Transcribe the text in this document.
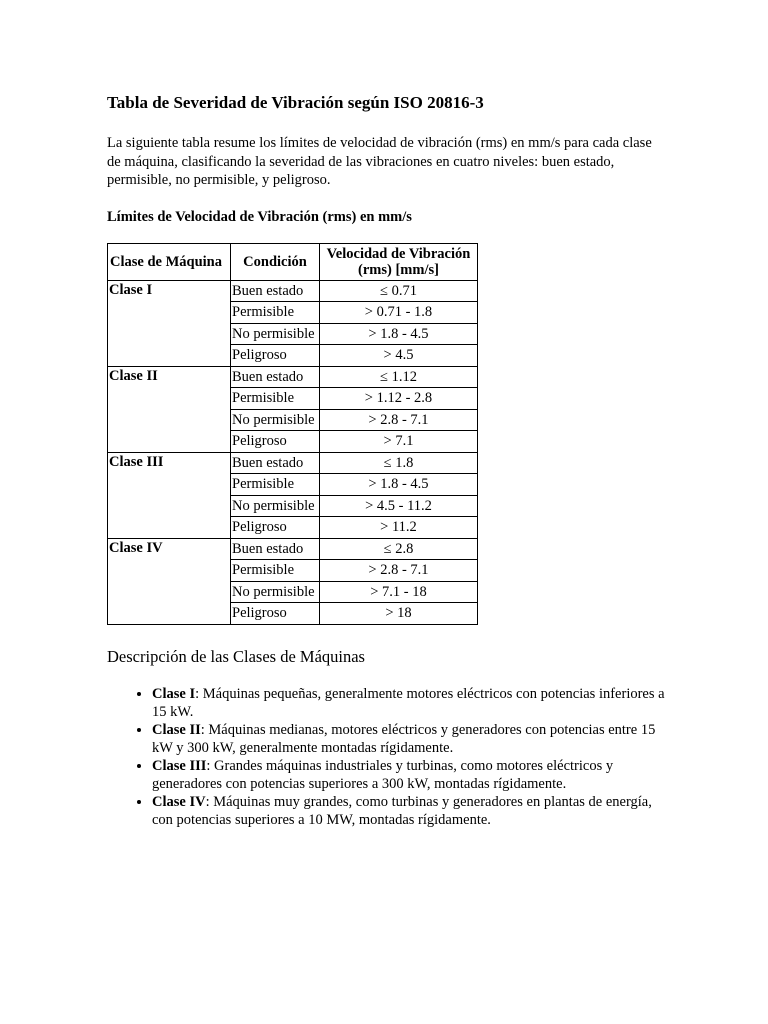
Tabla de Severidad de Vibración según ISO 20816-3

La siguiente tabla resume los límites de velocidad de vibración (rms) en mm/s para cada clase de máquina, clasificando la severidad de las vibraciones en cuatro niveles: buen estado, permisible, no permisible, y peligroso.

Límites de Velocidad de Vibración (rms) en mm/s
Clase de Máquina	Condición	Velocidad de Vibración (rms) [mm/s]
Clase I	Buen estado	≤ 0.71
	Permisible	> 0.71 - 1.8
	No permisible	> 1.8 - 4.5
	Peligroso	> 4.5
Clase II	Buen estado	≤ 1.12
	Permisible	> 1.12 - 2.8
	No permisible	> 2.8 - 7.1
	Peligroso	> 7.1
Clase III	Buen estado	≤ 1.8
	Permisible	> 1.8 - 4.5
	No permisible	> 4.5 - 11.2
	Peligroso	> 11.2
Clase IV	Buen estado	≤ 2.8
	Permisible	> 2.8 - 7.1
	No permisible	> 7.1 - 18
	Peligroso	> 18
Descripción de las Clases de Máquinas
• Clase I: Máquinas pequeñas, generalmente motores eléctricos con potencias inferiores a 15 kW.
• Clase II: Máquinas medianas, motores eléctricos y generadores con potencias entre 15 kW y 300 kW, generalmente montadas rígidamente.
• Clase III: Grandes máquinas industriales y turbinas, como motores eléctricos y generadores con potencias superiores a 300 kW, montadas rígidamente.
• Clase IV: Máquinas muy grandes, como turbinas y generadores en plantas de energía, con potencias superiores a 10 MW, montadas rígidamente.
